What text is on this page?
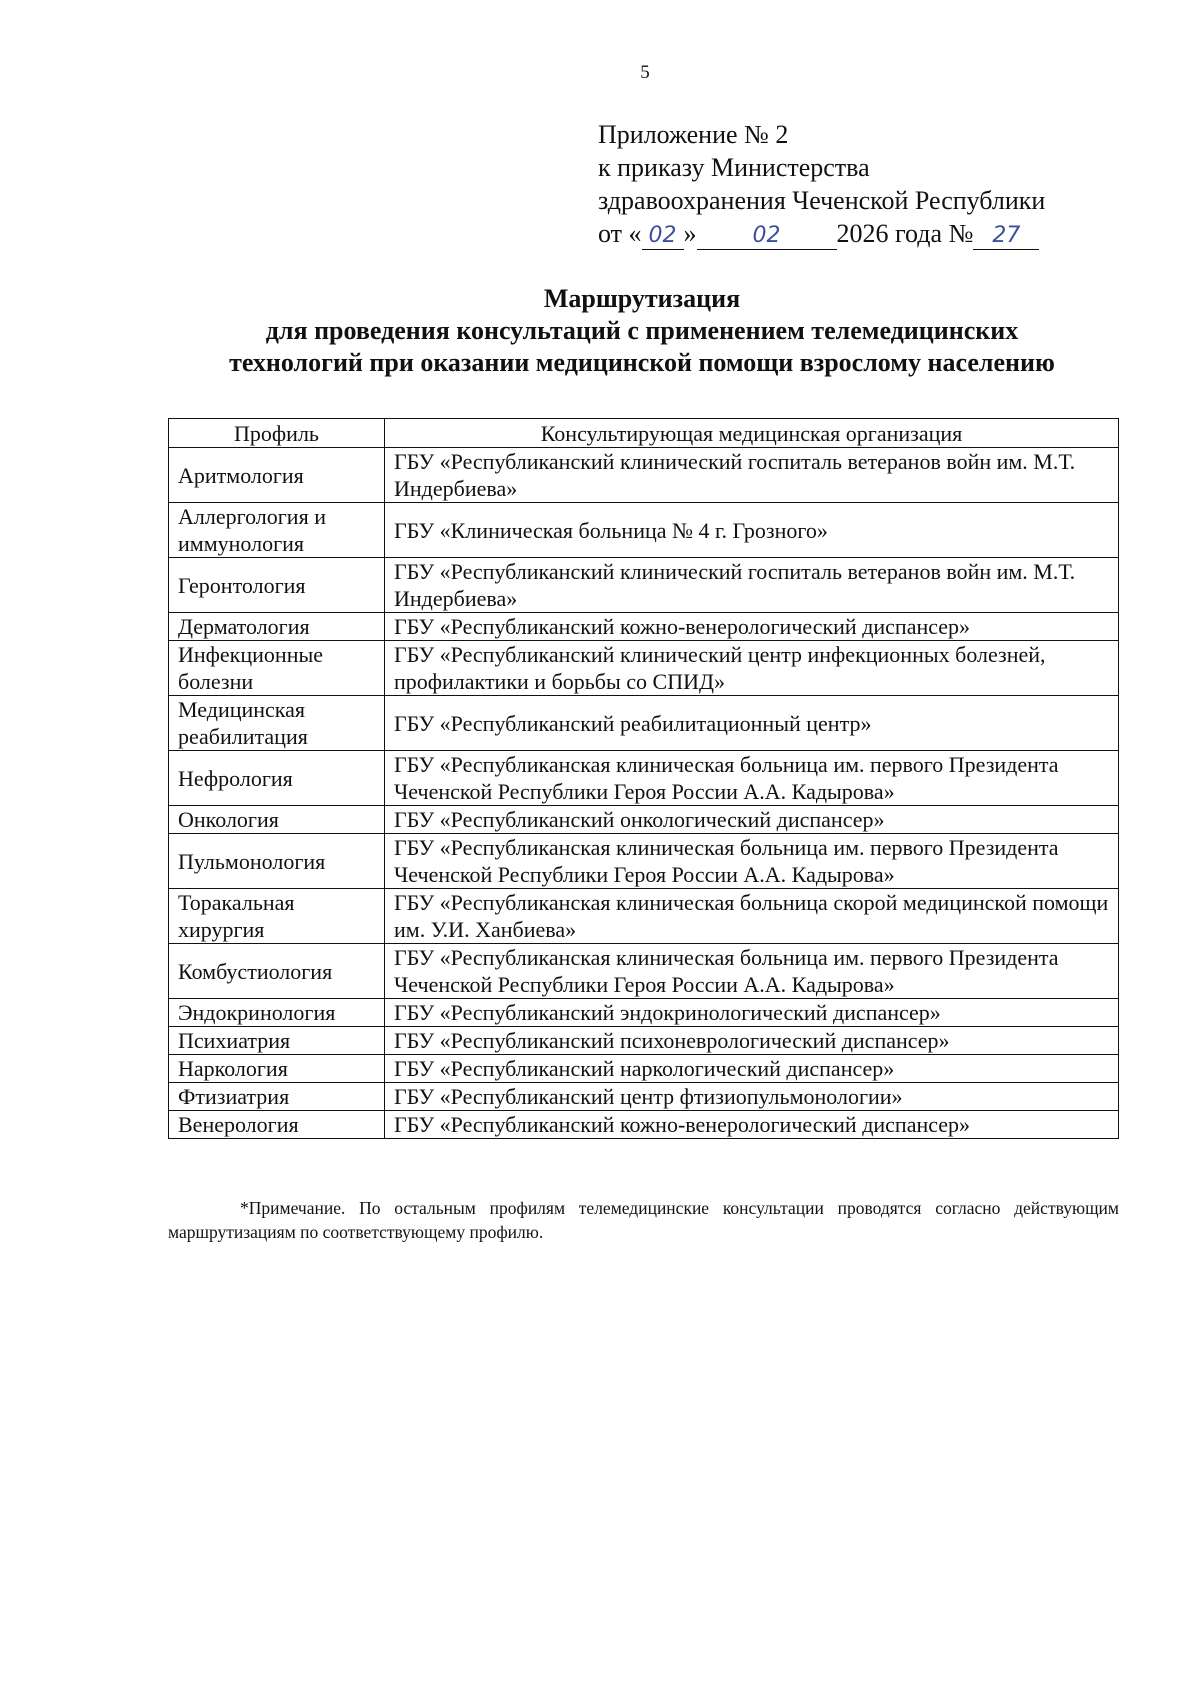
5
Приложение № 2
к приказу Министерства
здравоохранения Чеченской Республики
от « 02 »	02 2026 года № 27
Маршрутизация
для проведения консультаций с применением телемедицинских
технологий при оказании медицинской помощи взрослому населению
Профиль	Консультирующая медицинская организация
Аритмология	ГБУ «Республиканский клинический госпиталь ветеранов войн им. М.Т. Индербиева»
Аллергология и иммунология	ГБУ «Клиническая больница № 4 г. Грозного»
Геронтология	ГБУ «Республиканский клинический госпиталь ветеранов войн им. М.Т. Индербиева»
Дерматология	ГБУ «Республиканский кожно-венерологический диспансер»
Инфекционные болезни	ГБУ «Республиканский клинический центр инфекционных болезней, профилактики и борьбы со СПИД»
Медицинская реабилитация	ГБУ «Республиканский реабилитационный центр»
Нефрология	ГБУ «Республиканская клиническая больница им. первого Президента Чеченской Республики Героя России А.А. Кадырова»
Онкология	ГБУ «Республиканский онкологический диспансер»
Пульмонология	ГБУ «Республиканская клиническая больница им. первого Президента Чеченской Республики Героя России А.А. Кадырова»
Торакальная хирургия	ГБУ «Республиканская клиническая больница скорой медицинской помощи им. У.И. Ханбиева»
Комбустиология	ГБУ «Республиканская клиническая больница им. первого Президента Чеченской Республики Героя России А.А. Кадырова»
Эндокринология	ГБУ «Республиканский эндокринологический диспансер»
Психиатрия	ГБУ «Республиканский психоневрологический диспансер»
Наркология	ГБУ «Республиканский наркологический диспансер»
Фтизиатрия	ГБУ «Республиканский центр фтизиопульмонологии»
Венерология	ГБУ «Республиканский кожно-венерологический диспансер»
*Примечание. По остальным профилям телемедицинские консультации проводятся согласно действующим маршрутизациям по соответствующему профилю.
